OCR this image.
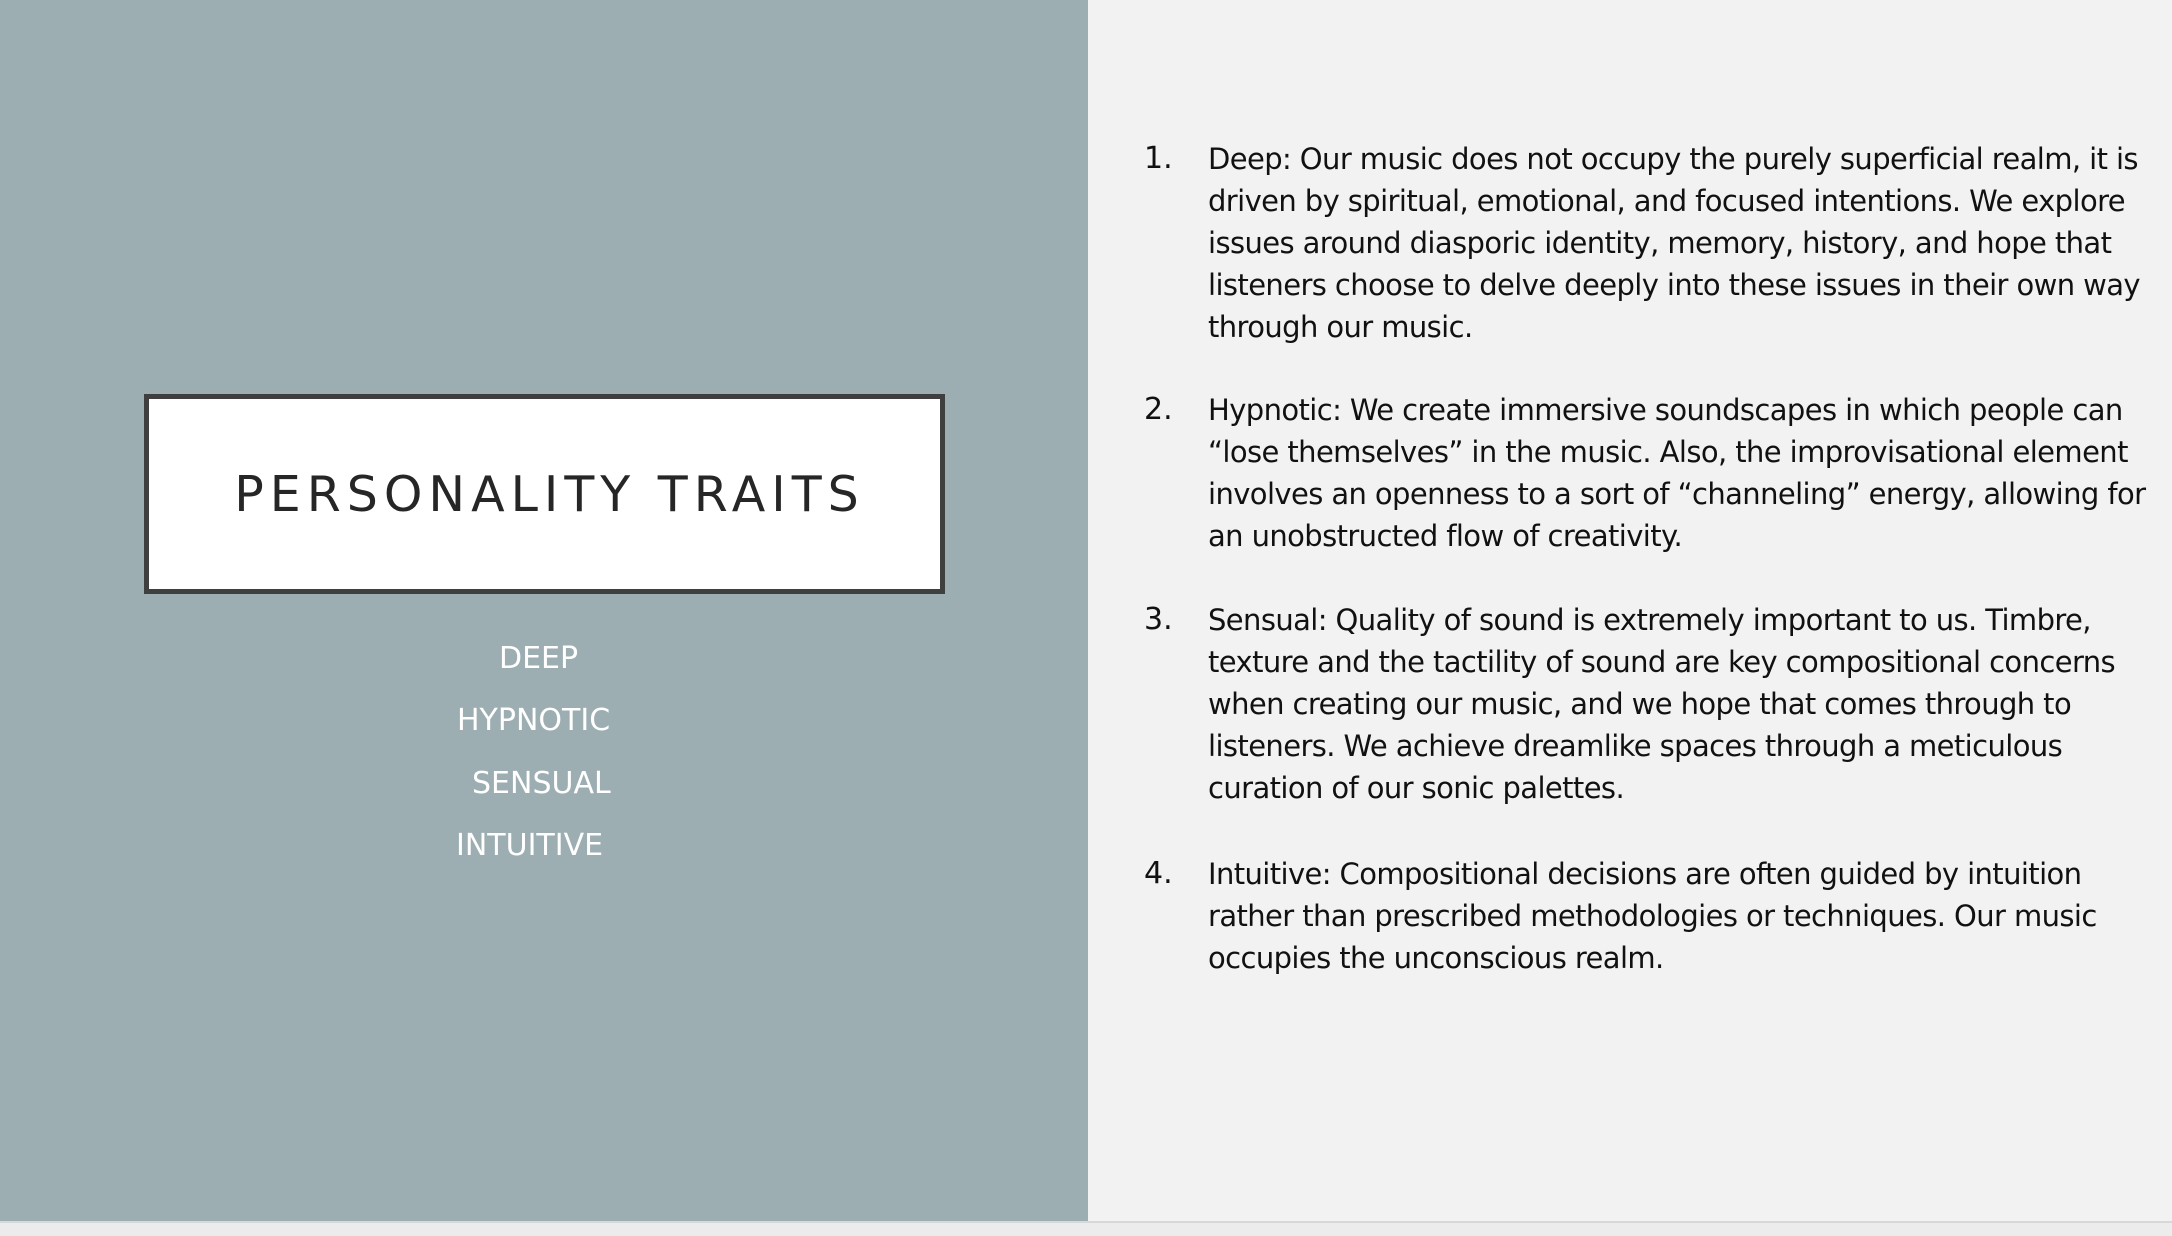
PERSONALITY TRAITS
DEEP
HYPNOTIC
SENSUAL
INTUITIVE
1. Deep: Our music does not occupy the purely superficial realm, it is driven by spiritual, emotional, and focused intentions. We explore issues around diasporic identity, memory, history, and hope that listeners choose to delve deeply into these issues in their own way through our music.
2. Hypnotic: We create immersive soundscapes in which people can “lose themselves” in the music. Also, the improvisational element involves an openness to a sort of “channeling” energy, allowing for an unobstructed flow of creativity.
3. Sensual: Quality of sound is extremely important to us. Timbre, texture and the tactility of sound are key compositional concerns when creating our music, and we hope that comes through to listeners. We achieve dreamlike spaces through a meticulous curation of our sonic palettes.
4. Intuitive: Compositional decisions are often guided by intuition rather than prescribed methodologies or techniques. Our music occupies the unconscious realm.
